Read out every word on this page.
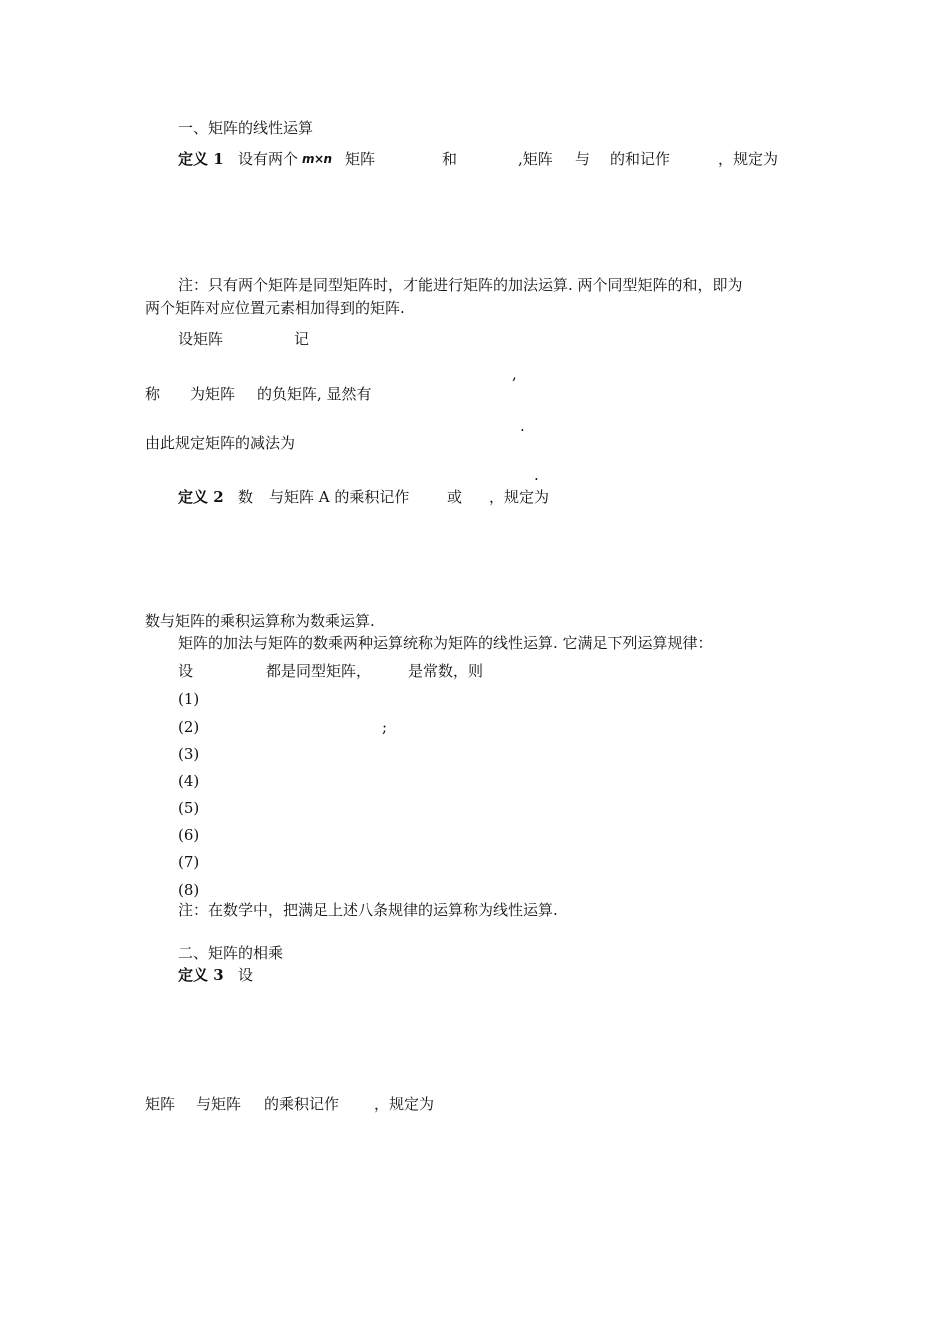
一、矩阵的线性运算
定义 1 设有两个 m×n 矩阵	和	,矩阵 与 的和记作	，规定为
注：只有两个矩阵是同型矩阵时，才能进行矩阵的加法运算. 两个同型矩阵的和，即为
两个矩阵对应位置元素相加得到的矩阵.
设矩阵	记
,
称 为矩阵 的负矩阵, 显然有
.
由此规定矩阵的减法为
.
定义 2 数 与矩阵 A 的乘积记作	或 ，规定为
数与矩阵的乘积运算称为数乘运算.
矩阵的加法与矩阵的数乘两种运算统称为矩阵的线性运算. 它满足下列运算规律：
设	都是同型矩阵， 是常数，则
(1)
(2)	;
(3)
(4)
(5)
(6)
(7)
(8)
注：在数学中，把满足上述八条规律的运算称为线性运算.
二、矩阵的相乘
定义 3 设
矩阵 与矩阵 的乘积记作 ，规定为
